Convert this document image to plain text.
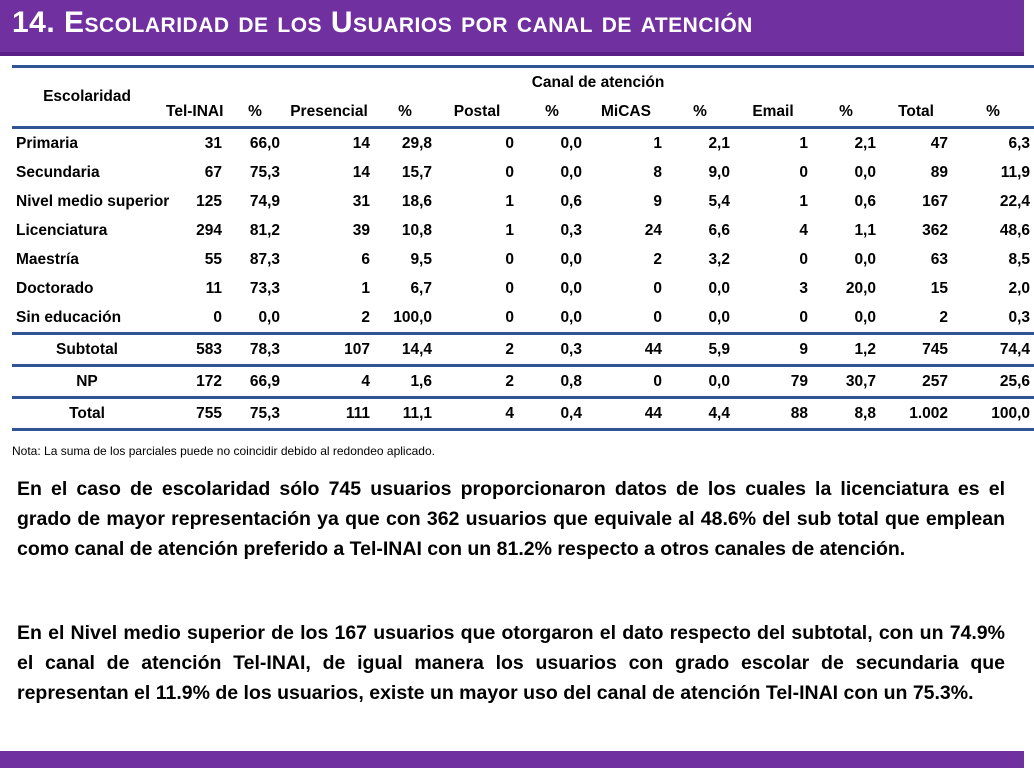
14. Escolaridad de los Usuarios por canal de atención
Escolaridad	Canal de atención											
	Tel-INAI	%	Presencial	%	Postal	%	MiCAS	%	Email	%	Total	%
Primaria	31	66,0	14	29,8	0	0,0	1	2,1	1	2,1	47	6,3
Secundaria	67	75,3	14	15,7	0	0,0	8	9,0	0	0,0	89	11,9
Nivel medio superior	125	74,9	31	18,6	1	0,6	9	5,4	1	0,6	167	22,4
Licenciatura	294	81,2	39	10,8	1	0,3	24	6,6	4	1,1	362	48,6
Maestría	55	87,3	6	9,5	0	0,0	2	3,2	0	0,0	63	8,5
Doctorado	11	73,3	1	6,7	0	0,0	0	0,0	3	20,0	15	2,0
Sin educación	0	0,0	2	100,0	0	0,0	0	0,0	0	0,0	2	0,3
Subtotal	583	78,3	107	14,4	2	0,3	44	5,9	9	1,2	745	74,4
NP	172	66,9	4	1,6	2	0,8	0	0,0	79	30,7	257	25,6
Total	755	75,3	111	11,1	4	0,4	44	4,4	88	8,8	1.002	100,0
Nota: La suma de los parciales puede no coincidir debido al redondeo aplicado.
En el caso de escolaridad sólo 745 usuarios proporcionaron datos de los cuales la licenciatura es el grado de mayor representación ya que con 362 usuarios que equivale al 48.6% del sub total que emplean como canal de atención preferido a Tel-INAI con un 81.2% respecto a otros canales de atención.
En el Nivel medio superior de los 167 usuarios que otorgaron el dato respecto del subtotal, con un 74.9% el canal de atención Tel-INAI, de igual manera los usuarios con grado escolar de secundaria que representan el 11.9% de los usuarios, existe un mayor uso del canal de atención Tel-INAI con un 75.3%.
